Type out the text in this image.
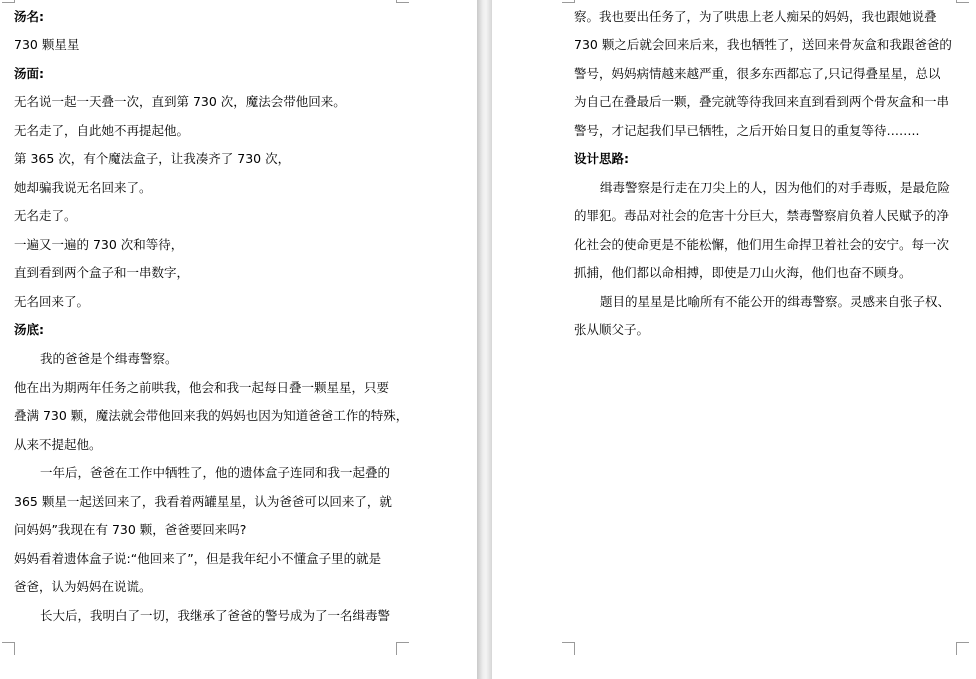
汤名:
730 颗星星
汤面:
无名说一起一天叠一次，直到第 730 次，魔法会带他回来。
无名走了，自此她不再提起他。
第 365 次，有个魔法盒子，让我凑齐了 730 次，
她却骗我说无名回来了。
无名走了。
一遍又一遍的 730 次和等待，
直到看到两个盒子和一串数字，
无名回来了。
汤底:
我的爸爸是个缉毒警察。
他在出为期两年任务之前哄我，他会和我一起每日叠一颗星星，只要
叠满 730 颗，魔法就会带他回来我的妈妈也因为知道爸爸工作的特殊，
从来不提起他。
一年后，爸爸在工作中牺牲了，他的遗体盒子连同和我一起叠的
365 颗星一起送回来了，我看着两罐星星，认为爸爸可以回来了，就
问妈妈”我现在有 730 颗，爸爸要回来吗?
妈妈看着遗体盒子说:“他回来了”，但是我年纪小不懂盒子里的就是
爸爸，认为妈妈在说谎。
长大后，我明白了一切，我继承了爸爸的警号成为了一名缉毒警
察。我也要出任务了，为了哄患上老人痴呆的妈妈，我也跟她说叠
730 颗之后就会回来后来，我也牺牲了，送回来骨灰盒和我跟爸爸的
警号，妈妈病情越来越严重，很多东西都忘了,只记得叠星星，总以
为自己在叠最后一颗，叠完就等待我回来直到看到两个骨灰盒和一串
警号，才记起我们早已牺牲，之后开始日复日的重复等待……..
设计思路:
缉毒警察是行走在刀尖上的人，因为他们的对手毒贩，是最危险
的罪犯。毒品对社会的危害十分巨大，禁毒警察肩负着人民赋予的净
化社会的使命更是不能松懈，他们用生命捍卫着社会的安宁。每一次
抓捕，他们都以命相搏，即使是刀山火海，他们也奋不顾身。
题目的星星是比喻所有不能公开的缉毒警察。灵感来自张子权、
张从顺父子。
